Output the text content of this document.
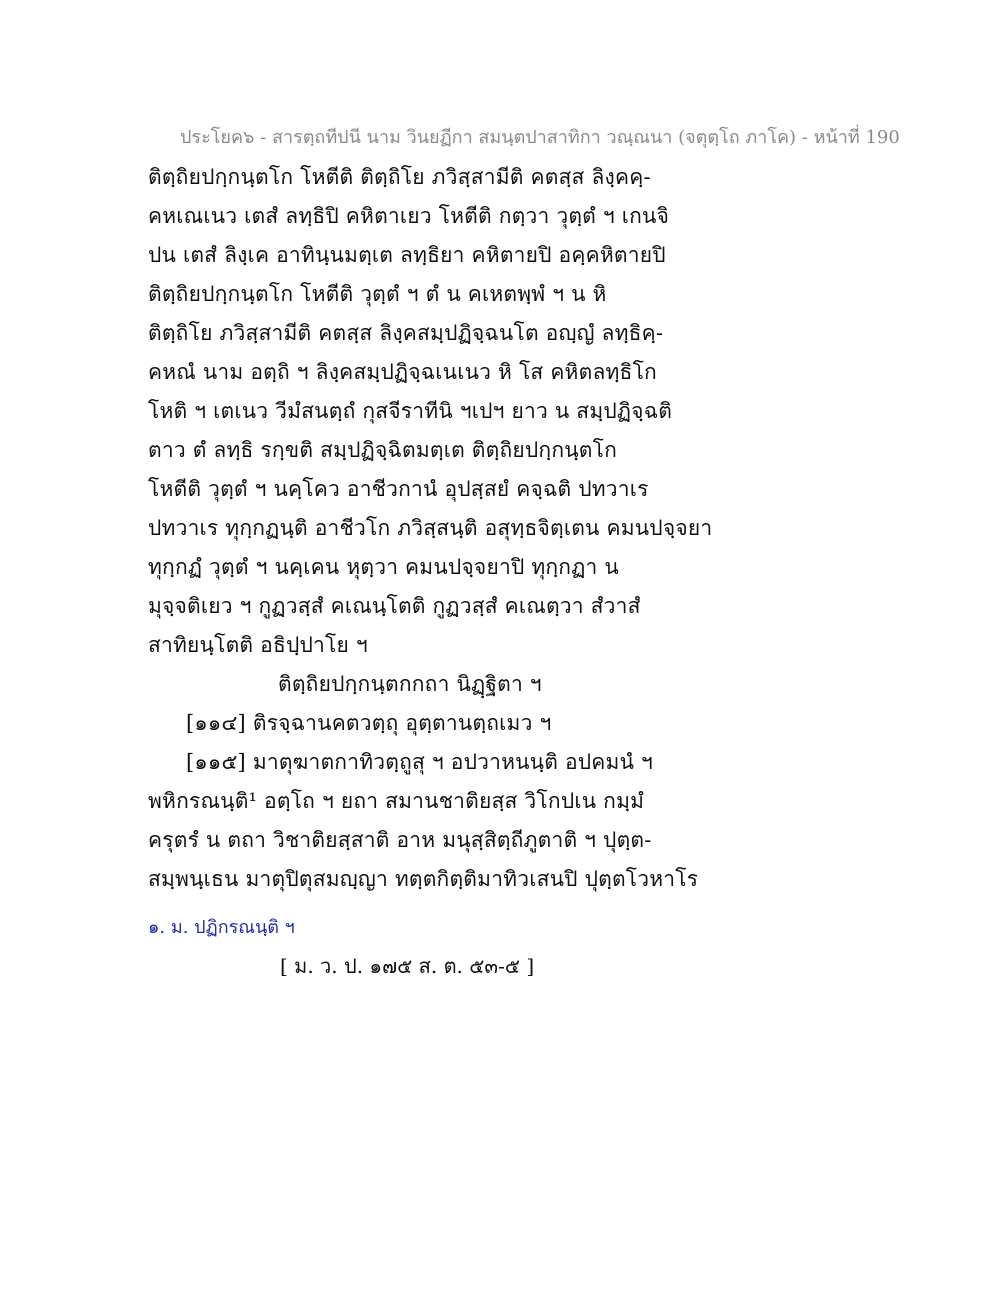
ประโยค๖ - สารตฺถทีปนี นาม วินยฏีกา สมนฺตปาสาทิกา วณฺณนา (จตุตฺโถ ภาโค) - หน้าที่ 190
ติตฺถิยปกฺกนฺตโก โหตีติ ติตฺถิโย ภวิสฺสามีติ คตสฺส ลิงฺคคฺ-
คหเณเนว เตสํ ลทฺธิปิ คหิตาเยว โหตีติ กตฺวา วุตฺตํ ฯ เกนจิ
ปน เตสํ ลิงฺเค อาทินฺนมตฺเต ลทฺธิยา คหิตายปิ อคฺคหิตายปิ
ติตฺถิยปกฺกนฺตโก โหตีติ วุตฺตํ ฯ ตํ น คเหตพฺพํ ฯ น หิ
ติตฺถิโย ภวิสฺสามีติ คตสฺส ลิงฺคสมฺปฏิจฺฉนโต อญฺญํ ลทฺธิคฺ-
คหณํ นาม อตฺถิ ฯ ลิงฺคสมฺปฏิจฺฉเนเนว หิ โส คหิตลทฺธิโก
โหติ ฯ เตเนว วีมํสนตฺถํ กุสจีราทีนิ ฯเปฯ ยาว น สมฺปฏิจฺฉติ
ตาว ตํ ลทฺธิ รกฺขติ สมฺปฏิจฺฉิตมตฺเต ติตฺถิยปกฺกนฺตโก
โหตีติ วุตฺตํ ฯ นคฺโคว อาชีวกานํ อุปสฺสยํ คจฺฉติ ปทวาเร
ปทวาเร ทุกฺกฏนฺติ อาชีวโก ภวิสฺสนฺติ อสุทฺธจิตฺเตน คมนปจฺจยา
ทุกฺกฏํ วุตฺตํ ฯ นคฺเคน หุตฺวา คมนปจฺจยาปิ ทุกฺกฏา น
มุจฺจติเยว ฯ กูฏวสฺสํ คเณนฺโตติ กูฏวสฺสํ คเณตฺวา สํวาสํ
สาทิยนฺโตติ อธิปฺปาโย ฯ
ติตฺถิยปกฺกนฺตกกถา นิฏฺฐิตา ฯ
[๑๑๔] ติรจฺฉานคตวตฺถุ อุตฺตานตฺถเมว ฯ
[๑๑๕] มาตุฆาตกาทิวตฺถูสุ ฯ อปวาหนนฺติ อปคมนํ ฯ
พหิกรณนฺติ¹ อตฺโถ ฯ ยถา สมานชาติยสฺส วิโกปเน กมฺมํ
ครุตรํ น ตถา วิชาติยสฺสาติ อาห มนุสฺสิตฺถีภูตาติ ฯ ปุตฺต-
สมฺพนฺเธน มาตุปิตุสมญฺญา ทตฺตกิตฺติมาทิวเสนปิ ปุตฺตโวหาโร
๑. ม. ปฏิกรณนฺติ ฯ
[ ม. ว. ป. ๑๗๕ ส. ต. ๕๓-๕ ]
